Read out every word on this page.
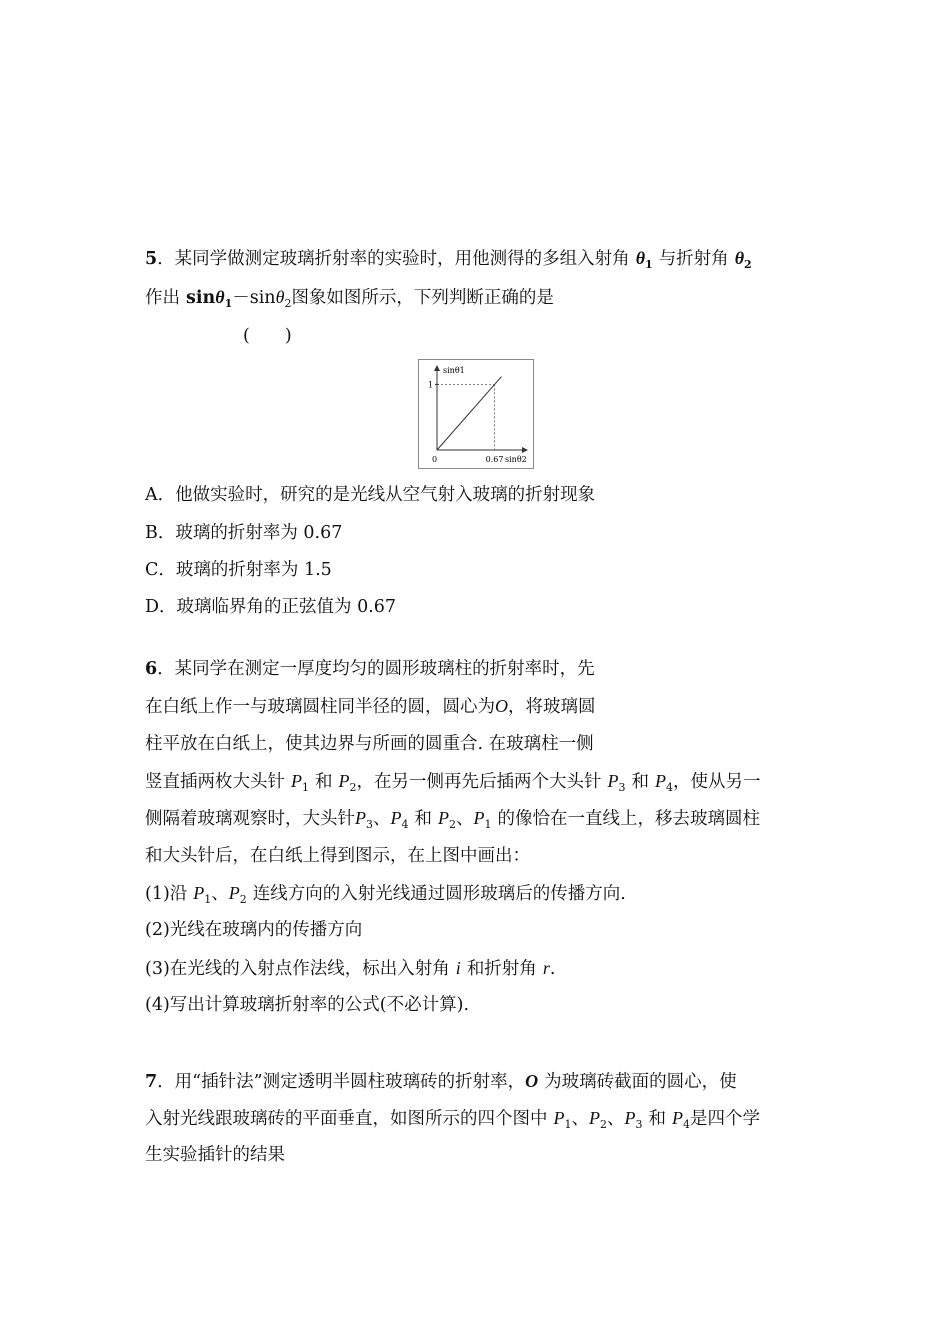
5．某同学做测定玻璃折射率的实验时，用他测得的多组入射角 $\theta_1$ 与折射角 $\theta_2$
作出 sinθ$_1$－sinθ$_2$图象如图所示，下列判断正确的是
(　　)
sinθ1
sinθ2
0	0.67
1
A．他做实验时，研究的是光线从空气射入玻璃的折射现象
B．玻璃的折射率为 0.67
C．玻璃的折射率为 1.5
D．玻璃临界角的正弦值为 0.67
6．某同学在测定一厚度均匀的圆形玻璃柱的折射率时，先
在白纸上作一与玻璃圆柱同半径的圆，圆心为O，将玻璃圆
柱平放在白纸上，使其边界与所画的圆重合. 在玻璃柱一侧
竖直插两枚大头针 $P_1$ 和 $P_2$，在另一侧再先后插两个大头针 $P_3$ 和 $P_4$，使从另一
侧隔着玻璃观察时，大头针$P_3$、$P_4$ 和 $P_2$、$P_1$ 的像恰在一直线上，移去玻璃圆柱
和大头针后，在白纸上得到图示，在上图中画出：
(1)沿 $P_1$、$P_2$ 连线方向的入射光线通过圆形玻璃后的传播方向.
(2)光线在玻璃内的传播方向
(3)在光线的入射点作法线，标出入射角 i 和折射角 r.
(4)写出计算玻璃折射率的公式(不必计算).
7．用“插针法”测定透明半圆柱玻璃砖的折射率，O 为玻璃砖截面的圆心，使
入射光线跟玻璃砖的平面垂直，如图所示的四个图中 $P_1$、$P_2$、$P_3$ 和 $P_4$是四个学
生实验插针的结果
